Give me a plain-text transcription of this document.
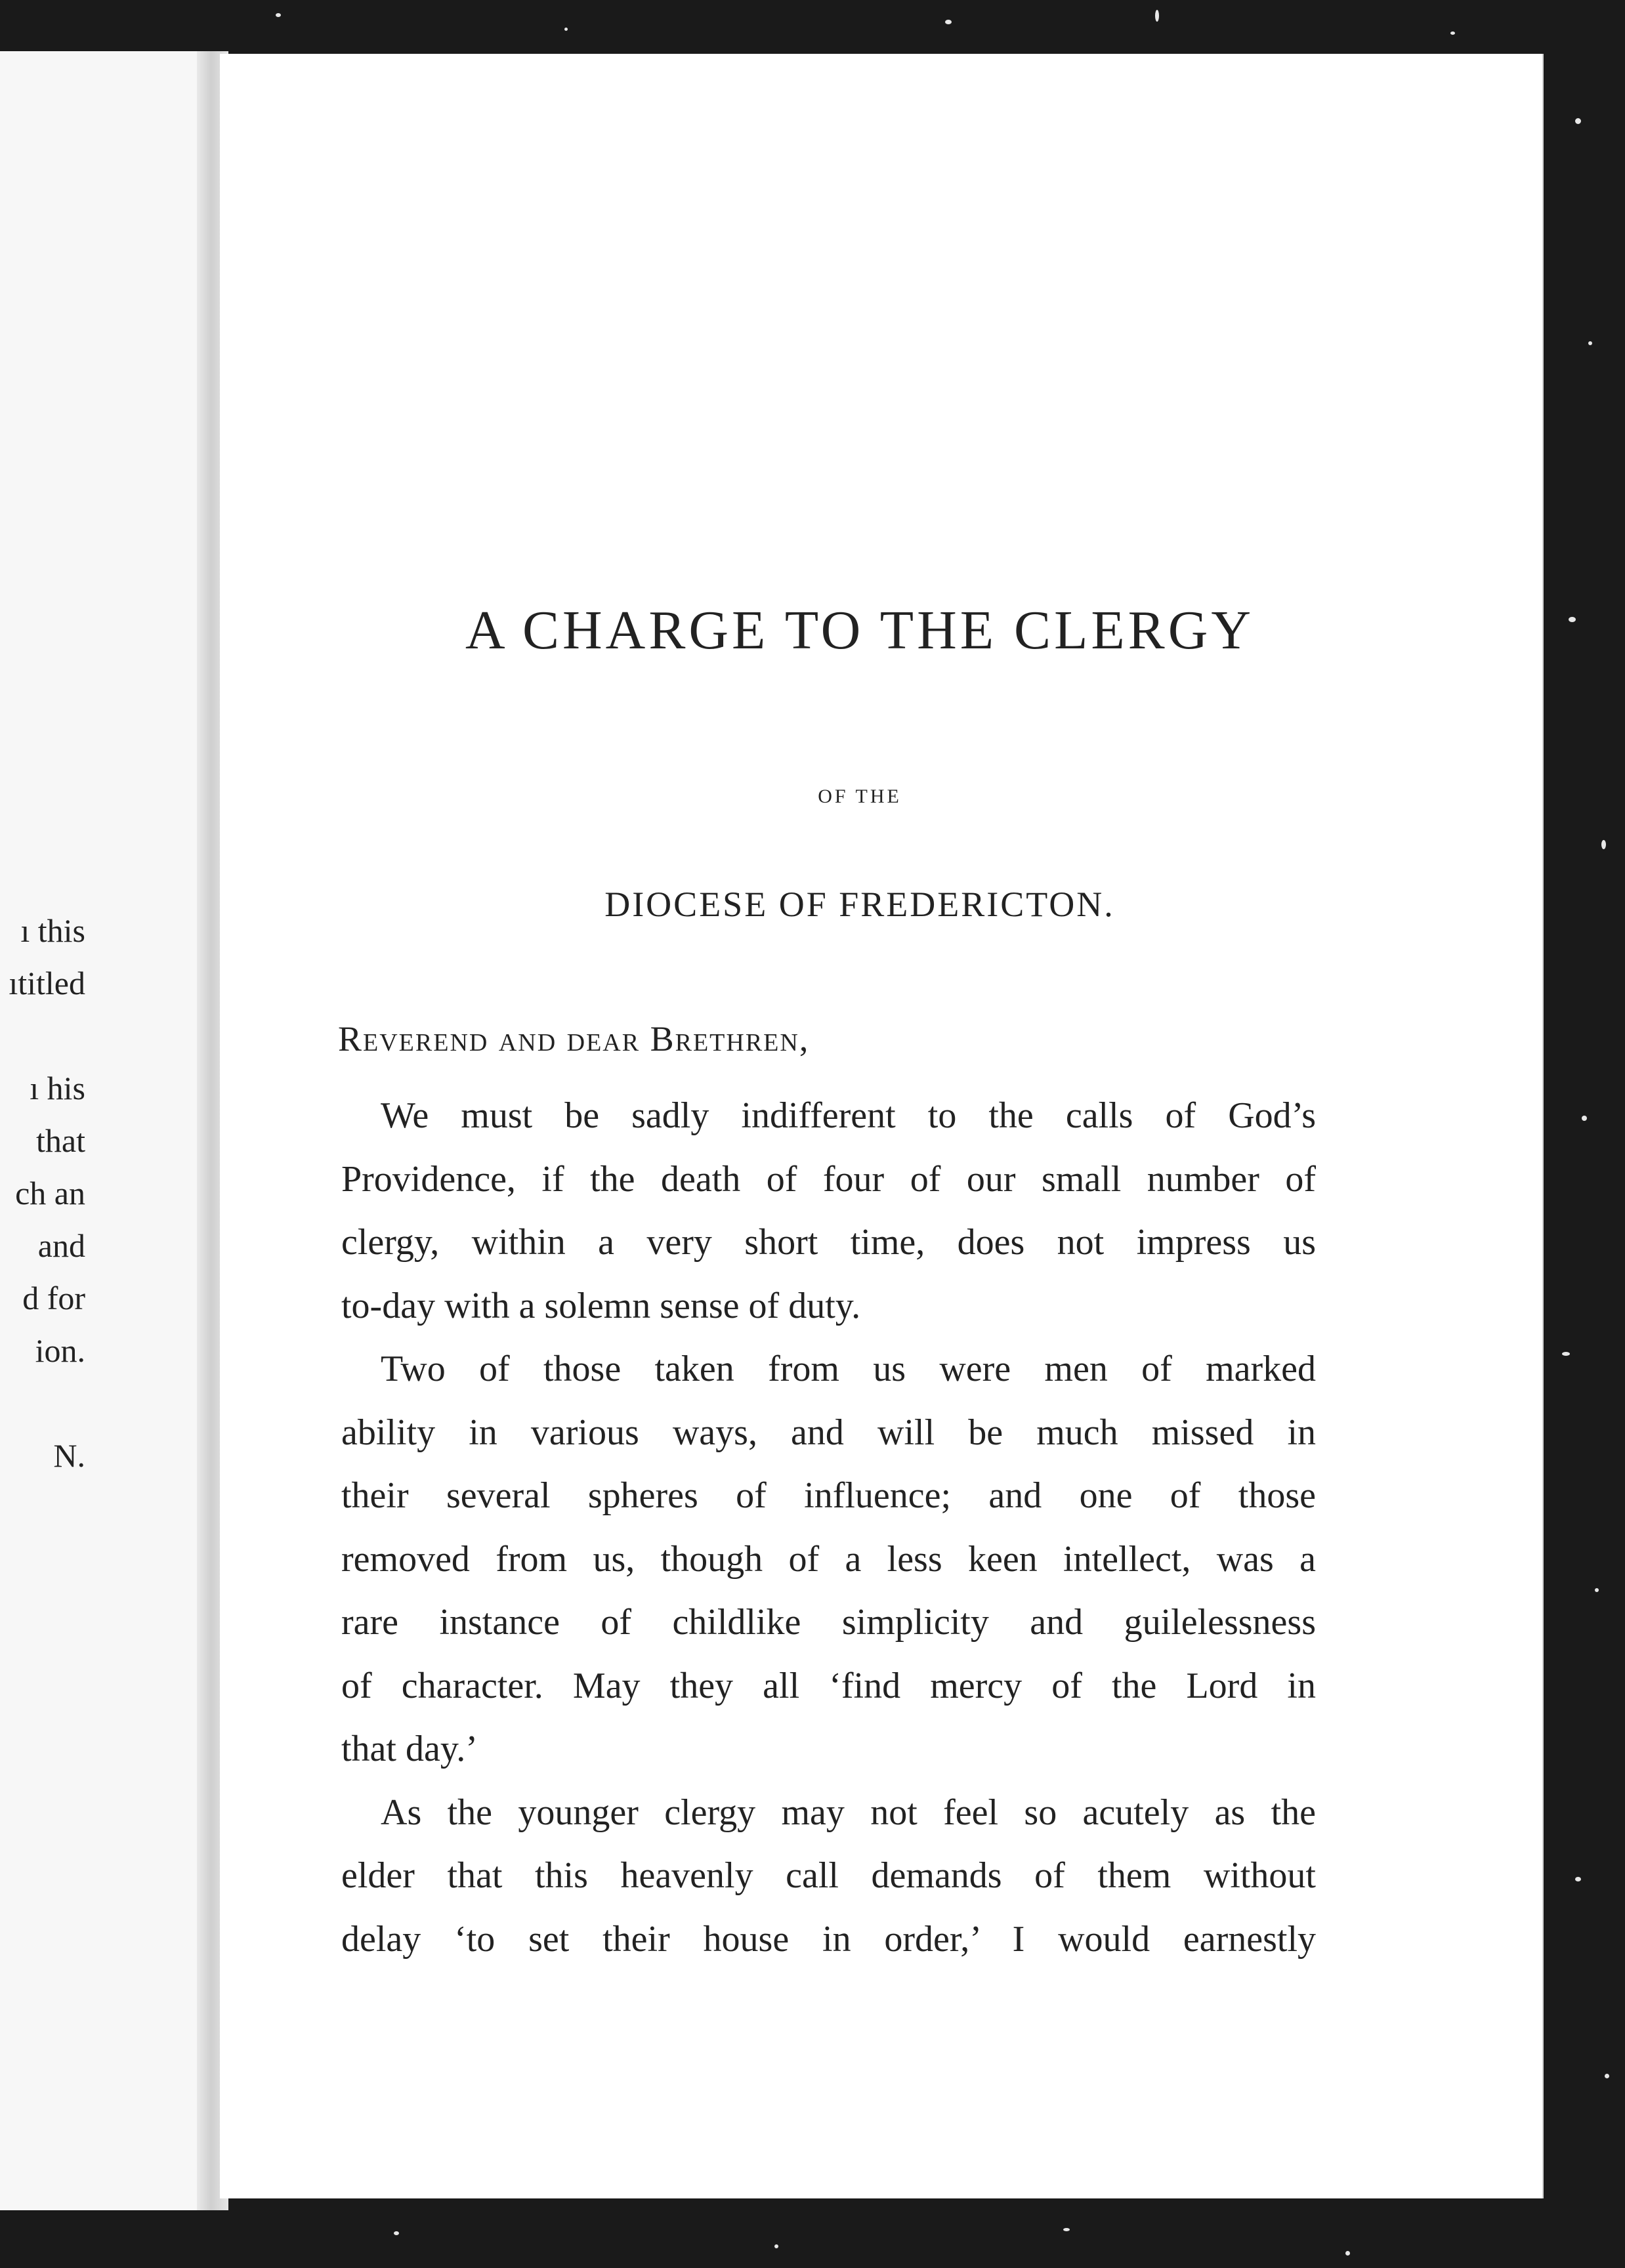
ı this
ıtitled

ı his
that
ch an
and
d for
ion.

N.
A CHARGE TO THE CLERGY
OF THE
DIOCESE OF FREDERICTON.
Reverend and dear Brethren,
We must be sadly indifferent to the calls of God’s
Providence, if the death of four of our small number of
clergy, within a very short time, does not impress us
to-day with a solemn sense of duty.
Two of those taken from us were men of marked
ability in various ways, and will be much missed in
their several spheres of influence; and one of those
removed from us, though of a less keen intellect, was a
rare instance of childlike simplicity and guilelessness
of character. May they all ‘find mercy of the Lord in
that day.’
As the younger clergy may not feel so acutely as the
elder that this heavenly call demands of them without
delay ‘to set their house in order,’ I would earnestly
